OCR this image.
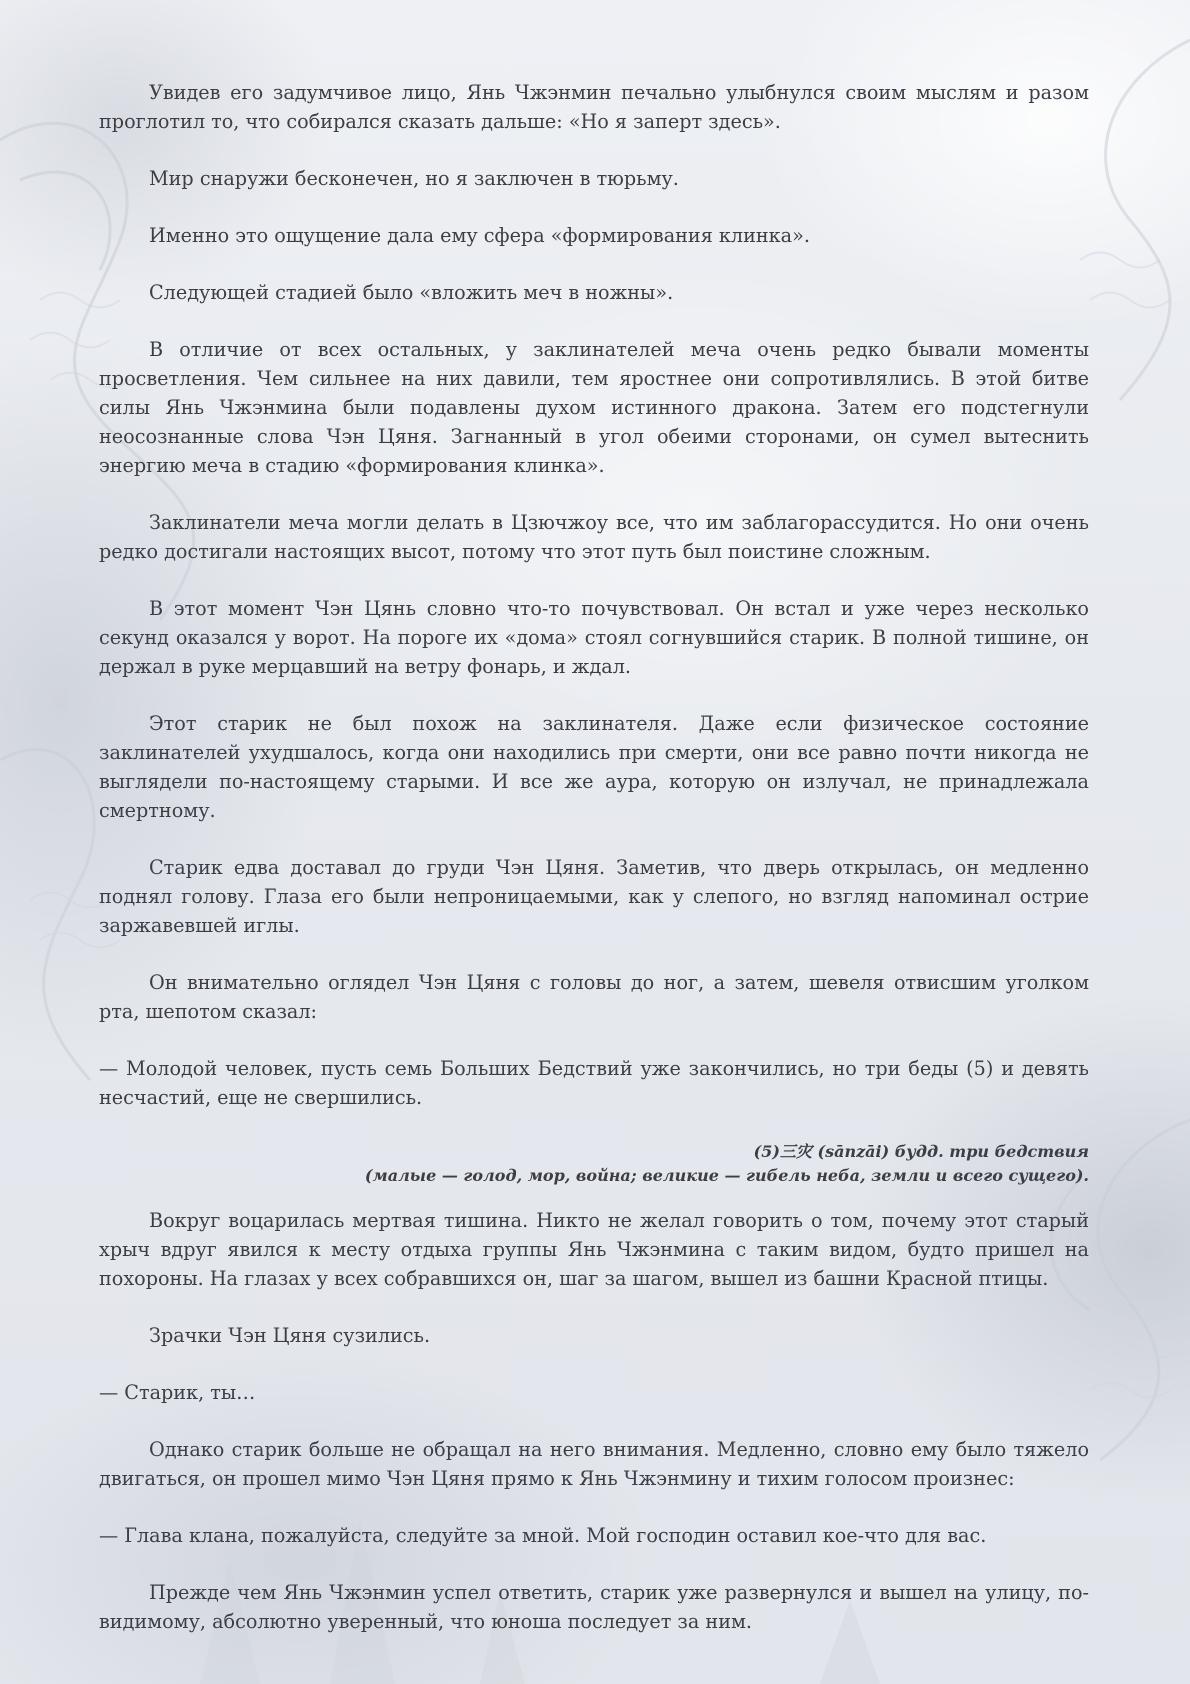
Увидев его задумчивое лицо, Янь Чжэнмин печально улыбнулся своим мыслям и разом проглотил то, что собирался сказать дальше: «Но я заперт здесь».

Мир снаружи бесконечен, но я заключен в тюрьму.

Именно это ощущение дала ему сфера «формирования клинка».

Следующей стадией было «вложить меч в ножны».

В отличие от всех остальных, у заклинателей меча очень редко бывали моменты просветления. Чем сильнее на них давили, тем яростнее они сопротивлялись. В этой битве силы Янь Чжэнмина были подавлены духом истинного дракона. Затем его подстегнули неосознанные слова Чэн Цяня. Загнанный в угол обеими сторонами, он сумел вытеснить энергию меча в стадию «формирования клинка».

Заклинатели меча могли делать в Цзючжоу все, что им заблагорассудится. Но они очень редко достигали настоящих высот, потому что этот путь был поистине сложным.

В этот момент Чэн Цянь словно что-то почувствовал. Он встал и уже через несколько секунд оказался у ворот. На пороге их «дома» стоял согнувшийся старик. В полной тишине, он держал в руке мерцавший на ветру фонарь, и ждал.

Этот старик не был похож на заклинателя. Даже если физическое состояние заклинателей ухудшалось, когда они находились при смерти, они все равно почти никогда не выглядели по-настоящему старыми. И все же аура, которую он излучал, не принадлежала смертному.

Старик едва доставал до груди Чэн Цяня. Заметив, что дверь открылась, он медленно поднял голову. Глаза его были непроницаемыми, как у слепого, но взгляд напоминал острие заржавевшей иглы.

Он внимательно оглядел Чэн Цяня с головы до ног, а затем, шевеля отвисшим уголком рта, шепотом сказал:

— Молодой человек, пусть семь Больших Бедствий уже закончились, но три беды (5) и девять несчастий, еще не свершились.

(5)三灾 (sānzāi) будд. три бедствия
(малые — голод, мор, война; великие — гибель неба, земли и всего сущего).

Вокруг воцарилась мертвая тишина. Никто не желал говорить о том, почему этот старый хрыч вдруг явился к месту отдыха группы Янь Чжэнмина с таким видом, будто пришел на похороны. На глазах у всех собравшихся он, шаг за шагом, вышел из башни Красной птицы.

Зрачки Чэн Цяня сузились.

— Старик, ты…

Однако старик больше не обращал на него внимания. Медленно, словно ему было тяжело двигаться, он прошел мимо Чэн Цяня прямо к Янь Чжэнмину и тихим голосом произнес:

— Глава клана, пожалуйста, следуйте за мной. Мой господин оставил кое-что для вас.

Прежде чем Янь Чжэнмин успел ответить, старик уже развернулся и вышел на улицу, по-видимому, абсолютно уверенный, что юноша последует за ним.
